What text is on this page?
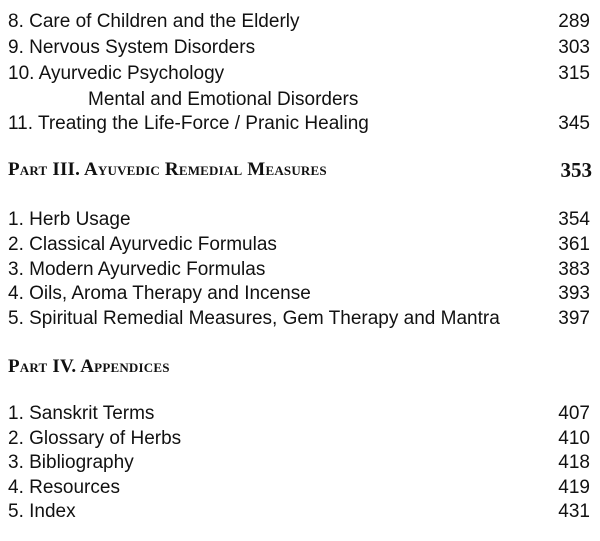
8. Care of Children and the Elderly	289
9. Nervous System Disorders	303
10. Ayurvedic Psychology	315
Mental and Emotional Disorders
11. Treating the Life-Force / Pranic Healing	345
Part III. Ayuvedic Remedial Measures	353
1. Herb Usage	354
2. Classical Ayurvedic Formulas	361
3. Modern Ayurvedic Formulas	383
4. Oils, Aroma Therapy and Incense	393
5. Spiritual Remedial Measures, Gem Therapy and Mantra	397
Part IV. Appendices
1. Sanskrit Terms	407
2. Glossary of Herbs	410
3. Bibliography	418
4. Resources	419
5. Index	431
